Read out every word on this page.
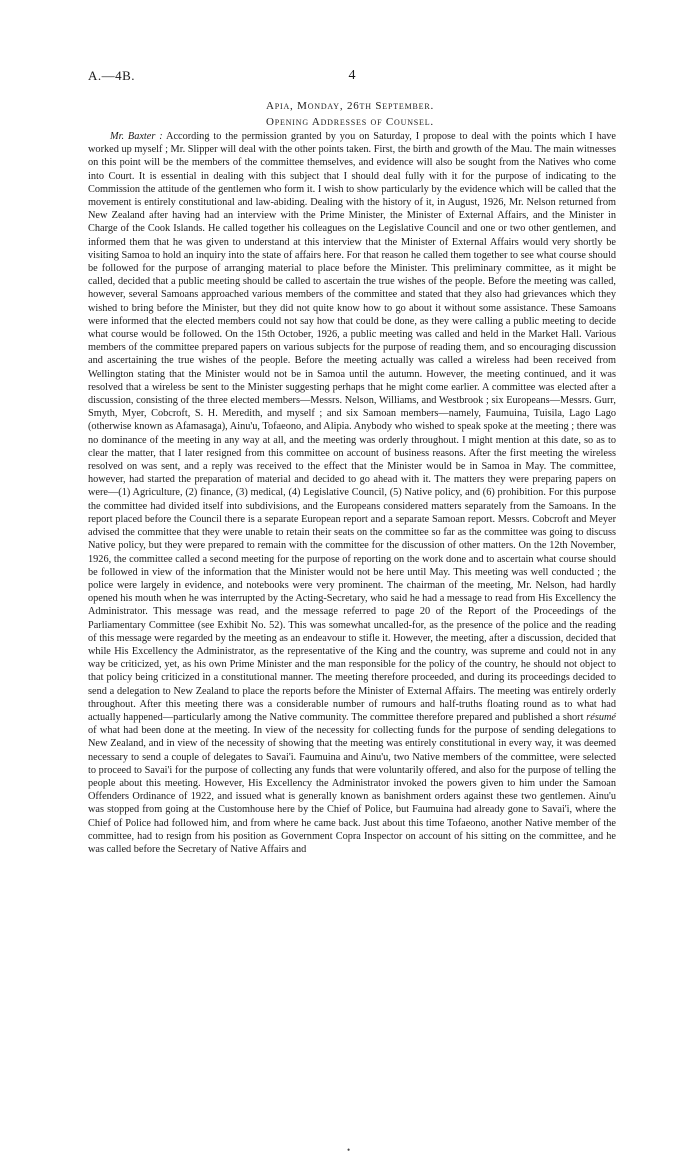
A.—4B.	4
Apia, Monday, 26th September.
Opening Addresses of Counsel.

Mr. Baxter : According to the permission granted by you on Saturday, I propose to deal with the points which I have worked up myself ; Mr. Slipper will deal with the other points taken. First, the birth and growth of the Mau. The main witnesses on this point will be the members of the committee themselves, and evidence will also be sought from the Natives who come into Court. It is essential in dealing with this subject that I should deal fully with it for the purpose of indicating to the Commission the attitude of the gentlemen who form it. I wish to show particularly by the evidence which will be called that the movement is entirely constitutional and law-abiding. Dealing with the history of it, in August, 1926, Mr. Nelson returned from New Zealand after having had an interview with the Prime Minister, the Minister of External Affairs, and the Minister in Charge of the Cook Islands. He called together his colleagues on the Legislative Council and one or two other gentlemen, and informed them that he was given to understand at this interview that the Minister of External Affairs would very shortly be visiting Samoa to hold an inquiry into the state of affairs here. For that reason he called them together to see what course should be followed for the purpose of arranging material to place before the Minister. This preliminary committee, as it might be called, decided that a public meeting should be called to ascertain the true wishes of the people. Before the meeting was called, however, several Samoans approached various members of the committee and stated that they also had grievances which they wished to bring before the Minister, but they did not quite know how to go about it without some assistance. These Samoans were informed that the elected members could not say how that could be done, as they were calling a public meeting to decide what course would be followed. On the 15th October, 1926, a public meeting was called and held in the Market Hall. Various members of the committee prepared papers on various subjects for the purpose of reading them, and so encouraging discussion and ascertaining the true wishes of the people. Before the meeting actually was called a wireless had been received from Wellington stating that the Minister would not be in Samoa until the autumn. However, the meeting continued, and it was resolved that a wireless be sent to the Minister suggesting perhaps that he might come earlier. A committee was elected after a discussion, consisting of the three elected members—Messrs. Nelson, Williams, and Westbrook ; six Europeans—Messrs. Gurr, Smyth, Myer, Cobcroft, S. H. Meredith, and myself ; and six Samoan members—namely, Faumuina, Tuisila, Lago Lago (otherwise known as Afamasaga), Ainu'u, Tofaeono, and Alipia. Anybody who wished to speak spoke at the meeting ; there was no dominance of the meeting in any way at all, and the meeting was orderly throughout. I might mention at this date, so as to clear the matter, that I later resigned from this committee on account of business reasons. After the first meeting the wireless resolved on was sent, and a reply was received to the effect that the Minister would be in Samoa in May. The committee, however, had started the preparation of material and decided to go ahead with it. The matters they were preparing papers on were—(1) Agriculture, (2) finance, (3) medical, (4) Legislative Council, (5) Native policy, and (6) prohibition. For this purpose the committee had divided itself into subdivisions, and the Europeans considered matters separately from the Samoans. In the report placed before the Council there is a separate European report and a separate Samoan report. Messrs. Cobcroft and Meyer advised the committee that they were unable to retain their seats on the committee so far as the committee was going to discuss Native policy, but they were prepared to remain with the committee for the discussion of other matters. On the 12th November, 1926, the committee called a second meeting for the purpose of reporting on the work done and to ascertain what course should be followed in view of the information that the Minister would not be here until May. This meeting was well conducted ; the police were largely in evidence, and notebooks were very prominent. The chairman of the meeting, Mr. Nelson, had hardly opened his mouth when he was interrupted by the Acting-Secretary, who said he had a message to read from His Excellency the Administrator. This message was read, and the message referred to page 20 of the Report of the Proceedings of the Parliamentary Committee (see Exhibit No. 52). This was somewhat uncalled-for, as the presence of the police and the reading of this message were regarded by the meeting as an endeavour to stifle it. However, the meeting, after a discussion, decided that while His Excellency the Administrator, as the representative of the King and the country, was supreme and could not in any way be criticized, yet, as his own Prime Minister and the man responsible for the policy of the country, he should not object to that policy being criticized in a constitutional manner. The meeting therefore proceeded, and during its proceedings decided to send a delegation to New Zealand to place the reports before the Minister of External Affairs. The meeting was entirely orderly throughout. After this meeting there was a considerable number of rumours and half-truths floating round as to what had actually happened—particularly among the Native community. The committee therefore prepared and published a short résumé of what had been done at the meeting. In view of the necessity for collecting funds for the purpose of sending delegations to New Zealand, and in view of the necessity of showing that the meeting was entirely constitutional in every way, it was deemed necessary to send a couple of delegates to Savai'i. Faumuina and Ainu'u, two Native members of the committee, were selected to proceed to Savai'i for the purpose of collecting any funds that were voluntarily offered, and also for the purpose of telling the people about this meeting. However, His Excellency the Administrator invoked the powers given to him under the Samoan Offenders Ordinance of 1922, and issued what is generally known as banishment orders against these two gentlemen. Ainu'u was stopped from going at the Customhouse here by the Chief of Police, but Faumuina had already gone to Savai'i, where the Chief of Police had followed him, and from where he came back. Just about this time Tofaeono, another Native member of the committee, had to resign from his position as Government Copra Inspector on account of his sitting on the committee, and he was called before the Secretary of Native Affairs and

•
